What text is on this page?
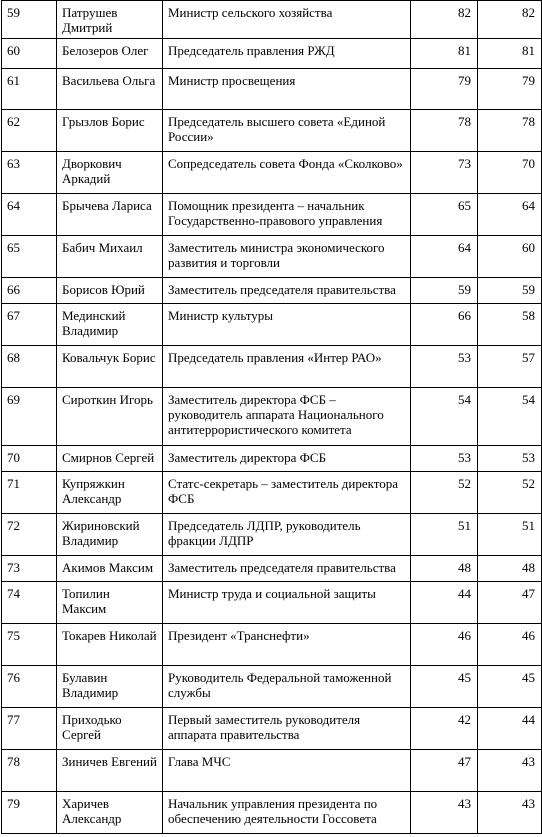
59	Патрушев Дмитрий	Министр сельского хозяйства	82	82
60	Белозеров Олег	Председатель правления РЖД	81	81
61	Васильева Ольга	Министр просвещения	79	79
62	Грызлов Борис	Председатель высшего совета «Единой России»	78	78
63	Дворкович Аркадий	Сопредседатель совета Фонда «Сколково»	73	70
64	Брычева Лариса	Помощник президента – начальник Государственно-правового управления	65	64
65	Бабич Михаил	Заместитель министра экономического развития и торговли	64	60
66	Борисов Юрий	Заместитель председателя правительства	59	59
67	Мединский Владимир	Министр культуры	66	58
68	Ковальчук Борис	Председатель правления «Интер РАО»	53	57
69	Сироткин Игорь	Заместитель директора ФСБ – руководитель аппарата Национального антитеррористического комитета	54	54
70	Смирнов Сергей	Заместитель директора ФСБ	53	53
71	Купряжкин Александр	Статс-секретарь – заместитель директора ФСБ	52	52
72	Жириновский Владимир	Председатель ЛДПР, руководитель фракции ЛДПР	51	51
73	Акимов Максим	Заместитель председателя правительства	48	48
74	Топилин Максим	Министр труда и социальной защиты	44	47
75	Токарев Николай	Президент «Транснефти»	46	46
76	Булавин Владимир	Руководитель Федеральной таможенной службы	45	45
77	Приходько Сергей	Первый заместитель руководителя аппарата правительства	42	44
78	Зиничев Евгений	Глава МЧС	47	43
79	Харичев Александр	Начальник управления президента по обеспечению деятельности Госсовета	43	43
